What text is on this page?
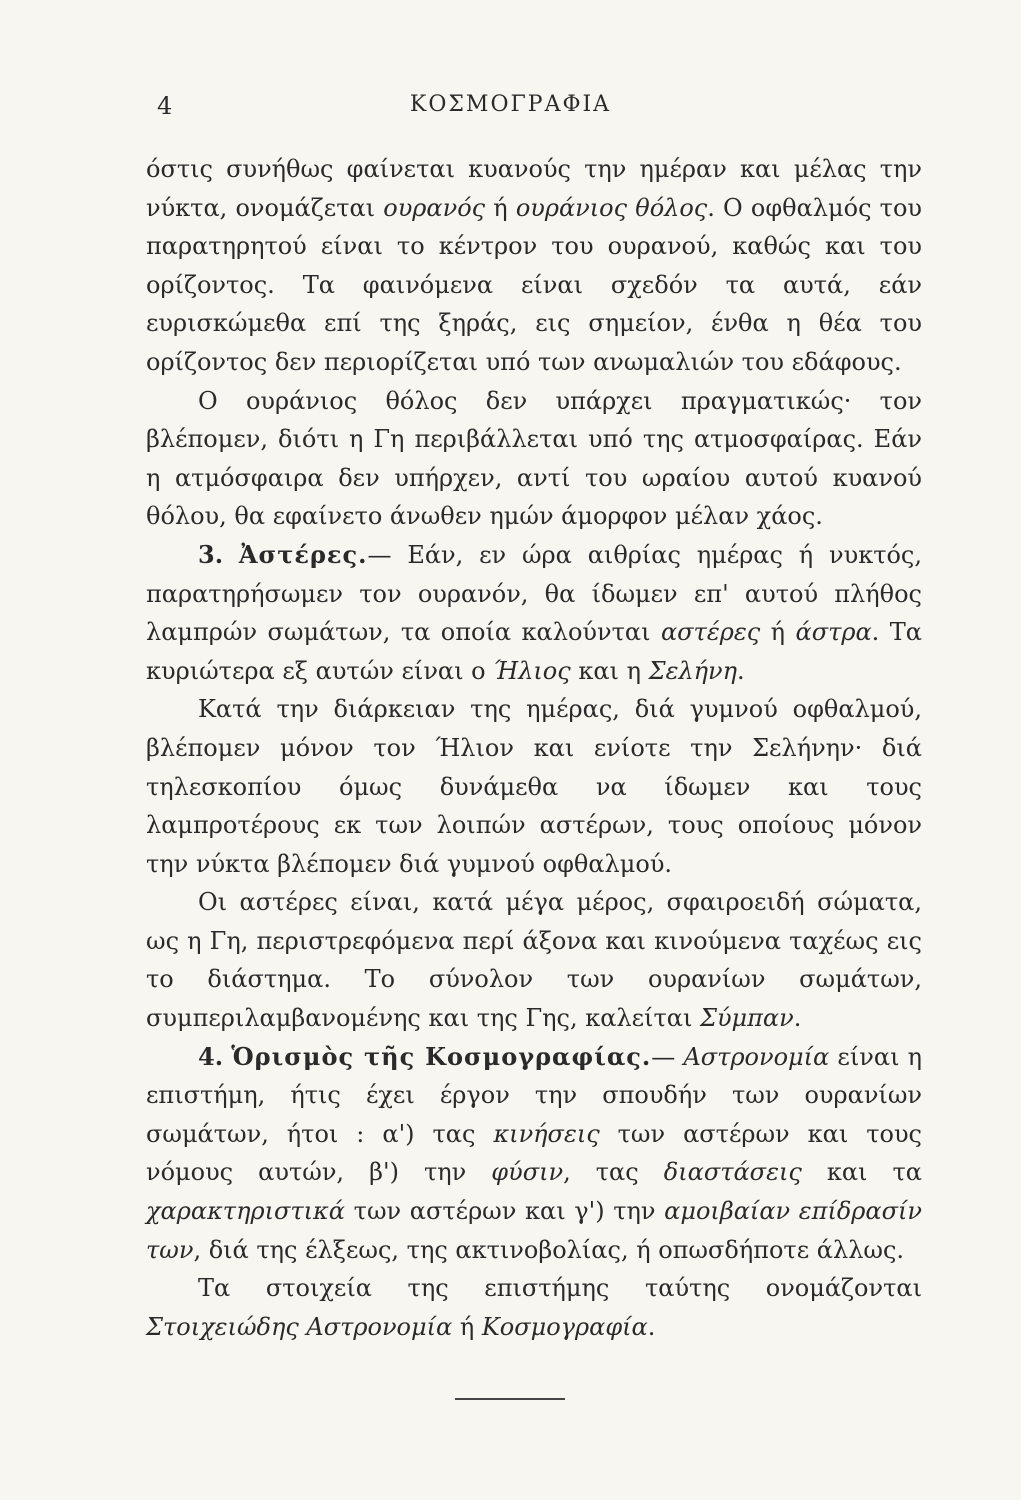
4	ΚΟΣΜΟΓΡΑΦΙΑ

όστις συνήθως φαίνεται κυανούς την ημέραν και μέλας την νύκτα, ονομάζεται ουρανός ή ουράνιος θόλος. Ο οφθαλμός του παρατηρητού είναι το κέντρον του ουρανού, καθώς και του ορίζοντος. Τα φαινόμενα είναι σχεδόν τα αυτά, εάν ευρισκώμεθα επί της ξηράς, εις σημείον, ένθα η θέα του ορίζοντος δεν περιορίζεται υπό των ανωμαλιών του εδάφους.

Ο ουράνιος θόλος δεν υπάρχει πραγματικώς· τον βλέπομεν, διότι η Γη περιβάλλεται υπό της ατμοσφαίρας. Εάν η ατμόσφαιρα δεν υπήρχεν, αντί του ωραίου αυτού κυανού θόλου, θα εφαίνετο άνωθεν ημών άμορφον μέλαν χάος.

3. Ἀστέρες.— Εάν, εν ώρα αιθρίας ημέρας ή νυκτός, παρατηρήσωμεν τον ουρανόν, θα ίδωμεν επ' αυτού πλήθος λαμπρών σωμάτων, τα οποία καλούνται αστέρες ή άστρα. Τα κυριώτερα εξ αυτών είναι ο Ήλιος και η Σελήνη.

Κατά την διάρκειαν της ημέρας, διά γυμνού οφθαλμού, βλέπομεν μόνον τον Ήλιον και ενίοτε την Σελήνην· διά τηλεσκοπίου όμως δυνάμεθα να ίδωμεν και τους λαμπροτέρους εκ των λοιπών αστέρων, τους οποίους μόνον την νύκτα βλέπομεν διά γυμνού οφθαλμού.

Οι αστέρες είναι, κατά μέγα μέρος, σφαιροειδή σώματα, ως η Γη, περιστρεφόμενα περί άξονα και κινούμενα ταχέως εις το διάστημα. Το σύνολον των ουρανίων σωμάτων, συμπεριλαμβανομένης και της Γης, καλείται Σύμπαν.

4. Ὁρισμὸς τῆς Κοσμογραφίας.— Αστρονομία είναι η επιστήμη, ήτις έχει έργον την σπουδήν των ουρανίων σωμάτων, ήτοι : α') τας κινήσεις των αστέρων και τους νόμους αυτών, β') την φύσιν, τας διαστάσεις και τα χαρακτηριστικά των αστέρων και γ') την αμοιβαίαν επίδρασίν των, διά της έλξεως, της ακτινοβολίας, ή οπωσδήποτε άλλως.

Τα στοιχεία της επιστήμης ταύτης ονομάζονται Στοιχειώδης Αστρονομία ή Κοσμογραφία.
